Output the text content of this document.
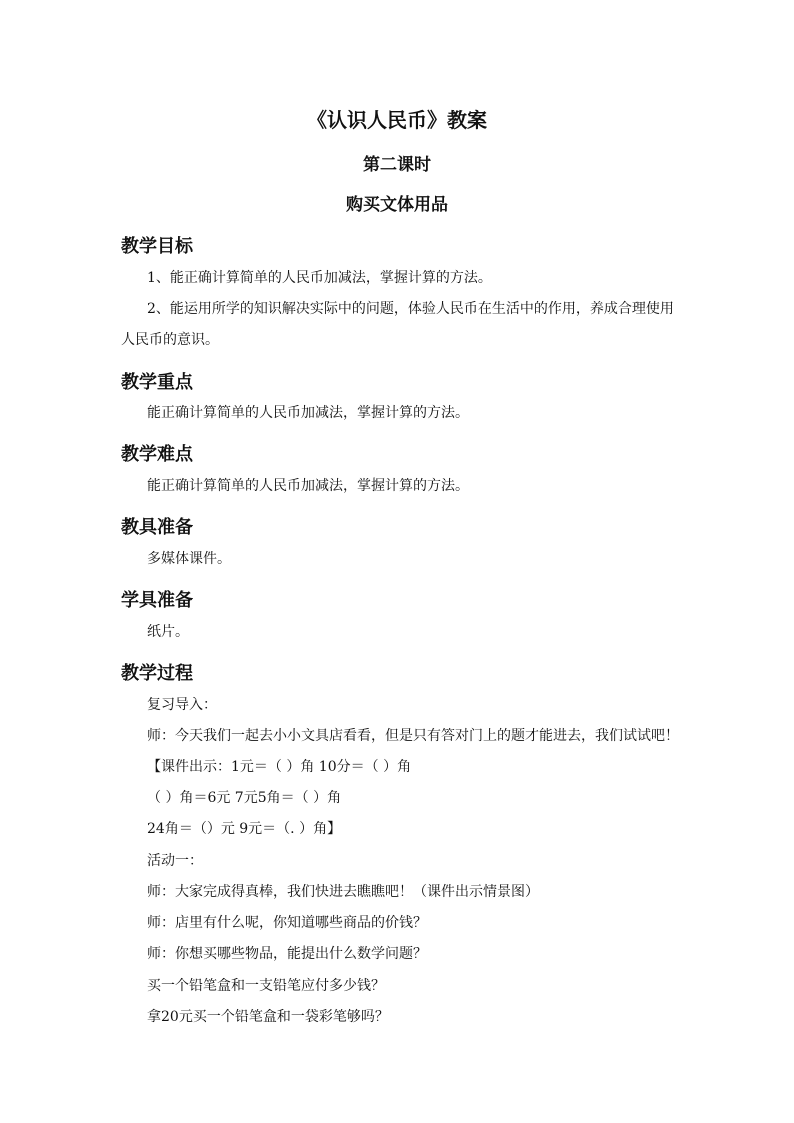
《认识人民币》教案
第二课时
购买文体用品
教学目标
1、能正确计算简单的人民币加减法，掌握计算的方法。
2、能运用所学的知识解决实际中的问题，体验人民币在生活中的作用，养成合理使用
人民币的意识。
教学重点
能正确计算简单的人民币加减法，掌握计算的方法。
教学难点
能正确计算简单的人民币加减法，掌握计算的方法。
教具准备
多媒体课件。
学具准备
纸片。
教学过程
复习导入：
师：今天我们一起去小小文具店看看，但是只有答对门上的题才能进去，我们试试吧！
【课件出示：1元＝（ ）角 10分＝（ ）角
（ ）角＝6元 7元5角＝（ ）角
24角＝（）元 9元＝（. ）角】
活动一：
师：大家完成得真棒，我们快进去瞧瞧吧！（课件出示情景图）
师：店里有什么呢，你知道哪些商品的价钱？
师：你想买哪些物品，能提出什么数学问题？
买一个铅笔盒和一支铅笔应付多少钱？
拿20元买一个铅笔盒和一袋彩笔够吗？
